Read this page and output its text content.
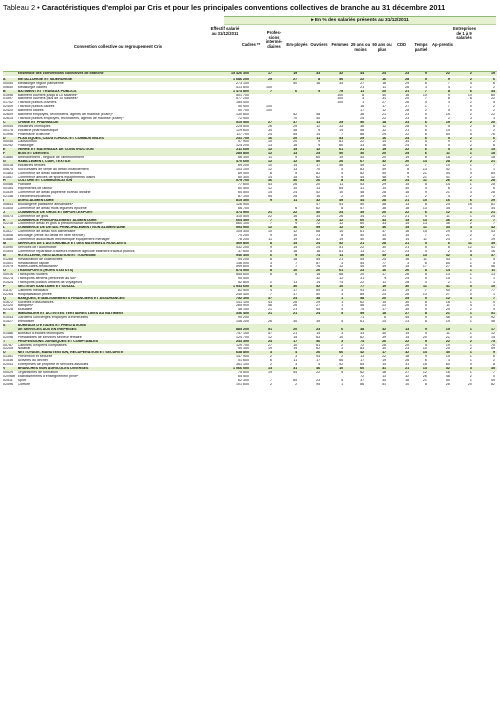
Tableau 2 • Caractéristiques d'emploi par Cris et pour les principales conventions collectives de branche au 31 décembre 2011
▸ En % des salariés présents au 31/12/2011
Convention collective ou regroupement Cris
Effectif salarié au 31/12/2011
Cadres **
Profes-sions intermé-diaires	Em-ployés Ouvriers Femmes 29 ans ou moins
50 ans ou plus
CDD	Temps partiel
Ap-prentis
Entreprises de 1 à 9 salariés
	Ensemble des conventions collectives de branche	15 426 300	17	19	33	32	44	24	23	9	22	2	19

A	MÉTALLURGIE ET SIDÉRURGIE	1 686 200	25	27	8	40	22	16	28	5	9	2	6
00054	Métallurgie région parisienne	273 100		50	16	34	27	18	29	6	7	4	6
00650	Métallurgie cadres	413 600	100				21	11	26	3	4	1	2
B	BÂTIMENT ET TRAVAUX PUBLICS	1 473 800	7	6	9	79	11	20	21	7	8	6	34
01596	Bâtiment ouvriers jusqu'à 10 salariés*	501 700				100	8	40	16	10	9	10	80
01597	Bâtiment ouvriers plus de 10 salariés*	577 200				100	3	31	20	7	6	8	22
01702	Travaux publics ouvriers	184 400				100	1	27	26	5	3	2	5
02409	Travaux publics cadres	50 900	100				16	17	27	1	7	0	2
02420	Bâtiment cadres	50 700	100				17	12	28	2	5	0	2
02609	Bâtiment employés, techniciens, agents de maîtrise (Etam)*	130 600		52	48		38	21	23	5	15	2	22
02614	Travaux publics employés, techniciens, agents de maîtrise (Etam)*	72 900		70	30		25	22	23	6	2	3	3
C	CHIMIE ET PHARMACIE	515 500	27	37	11	25	56	18	23	6	19	2	20
00044	Industries chimiques	225 500	26	29	12	33	36	12	28	4	5	2	6
00176	Industrie pharmaceutique	129 600	34	38	9	19	58	12	21	6	14	1	2
01996	Pharmacie d'officine	117 700	24	55	14	7	88	29	22	8	40	5	76
D	PLASTIQUES, CAOUTCHOUC ET COMBUSTIBLES	231 700	16	20	11	53	29	16	24	6	5	2	6
00045	Caoutchouc	57 900	10	20	9	61	22	14	34	4	9	1	2
00292	Plasturgie	124 200	13	18	9	60	33	16	24	6	5	2	6
E	VERRE ET MATÉRIAUX DE CONSTRUCTION	211 600	12	15	12	61	21	19	22	6	5	3	15
F	BOIS ET DÉRIVÉS	285 800	12	13	25	50	30	20	25	6	11	1	18
01880	Ameublement - négoce de l'ameublement	66 300	11	9	60	19	44	20	19	8	18	2	18
G	HABILLEMENT, CUIR, TEXTILE	470 600	12	12	50	26	67	32	20	13	28	2	21
00018	Industries textiles	69 200	10	14	17	58	49	12	32	7	10	1	7
00675	Succursales de vente au détail d'habillement	103 100	12	13	70	5	83	49	8	13	42	1	1
01483	Commerce de détail habillement textiles	69 400	8	5	82	5	82	45	8	21	44	4	64
01557	Commerce articles de sports équipements loisirs	60 300	14	15	62	9	44	48	9	21	41	2	12
H	CULTURE ET COMMUNICATION	579 700	36	30	26	8	53	25	24	11	26	1	28
00086	Publicité	77 600	43	26	20	11	53	29	15	8	14	1	25
00184	Imprimeries de labeur	60 500	12	10	13	65	31	14	30	4	6	2	6
01539	Commerce de détail papeterie bureau librairie	64 500	15	24	52	10	48	28	18	9	21	3	28
02148	Télécommunications	87 100	55	28	16	2	39	26	17	2	4	2	2
I	AGRO-ALIMENTAIRE	815 300	9	11	32	49	44	28	21	10	16	6	29
00843	Boulangerie pâtisserie artisanales*	126 900			47	53	50	48	13	8	24	16	81
01505	Commerce de détail fruits légumes épicerie	66 700		6	62	8	57	36	18	13	35	3	34
J	COMMERCE DE GROS ET IMPORT-EXPORT	373 900	21	22	30	24	35	20	22	6	12	1	21
00573	Commerce de gros	310 500	22	16	34	26	34	21	21	5	11	1	24
K	COMMERCE PRINCIPALEMENT ALIMENTAIRE	664 400	7	9	72	12	60	33	15	13	36	2	7
02216	Commerce détail et gros à prédominance alimentaire*	660 100	7	9	72	12	60	33	15	13	36	2	7
L	COMMERCE DE DÉTAIL PRINCIPALEMENT NON ALIMENTAIRE	593 900	12	16	59	12	52	36	15	11	33	4	42
01517	Commerce de détail non alimentaire	105 300	10	12	68	10	61	37	16	15	29	4	43
01606	Bricolage (vente au détail en libre service)	74 200	9	10	73	8	50	33	15	7	21	2	2
01686	Commerce audiovisuel électronique équipement ménager	76 200	11	19	52	19	40	36	14	11	23	1	19
M	SERVICES DE L'AUTOMOBILE ET DES MATÉRIELS ROULANTS	469 800	8	15	24	52	21	28	21	5	6	11	39
01090	Services de l'automobile	432 200	9	15	25	51	22	30	21	5	6	12	41
01404	Commerce réparation tracteurs matériel agricole bâtiment travaux publics	37 600	5	16	18	61	13	27	23	4	2	8	16
N	HÔTELLERIE, RESTAURATION ET TOURISME	946 400	6	9	74	11	49	45	13	13	32	4	37
01266	Restauration de collectivités	94 200	6	18	55	21	55	25	16	11	43	1	5
01501	Restauration rapide	146 000	3	7	87	3	54	77	3	6	65	1	4
01979	Hôtels-cafés-restaurants*	599 600	6	7	76	12	45	39	15	17	27	6	46
O	TRANSPORTS (HORS STATUTS)	874 500	8	10	20	61	23	16	26	8	14	1	11
00016	Transports routiers	655 600	6	8	18	68	20	17	26	8	13	1	13
00275	Transports aériens personnel au sol*	90 400			32	12	31	9	24	5	15	1	1
01424	Transports publics urbains de voyageurs	52 800	2	11	14	74	22	11	28	3	2	1	1
P	SECTEUR SANITAIRE ET SOCIAL	1 933 600	8	30	52	10	77	19	30	11	41	0	10
01147	Cabinets médicaux	82 900	4	17	69	3	93	33	19	7	40	2	77
02264	Hospitalisation privée	245 400	7	37	50	3	85	24	26	13	27	0	1
Q	BANQUES, ÉTABLISSEMENTS FINANCIERS ET ASSURANCES	752 300	37	24	38	1	58	20	25	5	12	4	7
01672	Sociétés d'assurances	141 100	43	26	29	1	62	15	30	6	18	1	0
02120	Banques*	265 900	46	26	27	1	56	23	26	4	11	4	1
02128	Mutualité	58 100	21	21	55	4	75	17	30	9	24	2	4
R	IMMOBILIER ET ACTIVITÉS TERTIAIRES LIÉES AU BÂTIMENT	336 400	21	21	24	5	59	18	27	8	21	1	51
01043	Gardiens concierges employés d'immeubles	90 200					71	6	45	9	46	0	92
01527	Immobilier	148 200	26	30	39	5	61	24	23	8	19	1	46
S	BUREAUX D'ÉTUDES ET PRESTATIONS												
	DE SERVICES AUX ENTREPRISES	885 200	51	20	23	6	38	32	13	9	15	1	17
01486	Bureaux d'études techniques	757 100	57	21	14	3	33	30	14	5	11	1	12
02098	Prestataires de services secteur tertiaire	124 700	12	15	63	10	62	39	14	20	21	0	15
T	PROFESSIONS JURIDIQUES ET COMPTABLES	243 300	24	17	56	3	74	26	22	9	22	2	75
00787	Cabinets d'experts comptables	129 700	27	10	61	2	72	26	20	5	19	1	70
02205	Notariat	50 300	19	19	62	3	83	30	23	10	20	2	59
U	NETTOYAGE, MANUTENTION, RÉCUPÉRATION ET SÉCURITÉ	638 800	3	4	26	66	42	17	32	14	40	1	9
01351	Prévention et sécurité	147 900	2	3	93	2	13	22	18	9	15	1	6
01536	Activités du déchet	51 600	6	11	17	66	17	19	26	6	3	1	2
02043	Entreprises de propreté et services associés	361 100	2	3	4	92	64	14	31	16	60	0	8
V	BRANCHES NON AGRICOLES DIVERSES	1 066 000	13	31	46	10	60	31	21	13	32	3	35
00029	Organismes de formation	75 500	19	54	22	5	62	18	27	12	16	1	7
02098b	Établissements d'enseignement privé*	64 500					72	13	32	26	48	2	0
02511	Sport	62 300	7	65	23	5	37	34	16	21	50	1	49
02596	Coiffure	101 600	2	2	95	1	86	51	10	8	26	20	82
